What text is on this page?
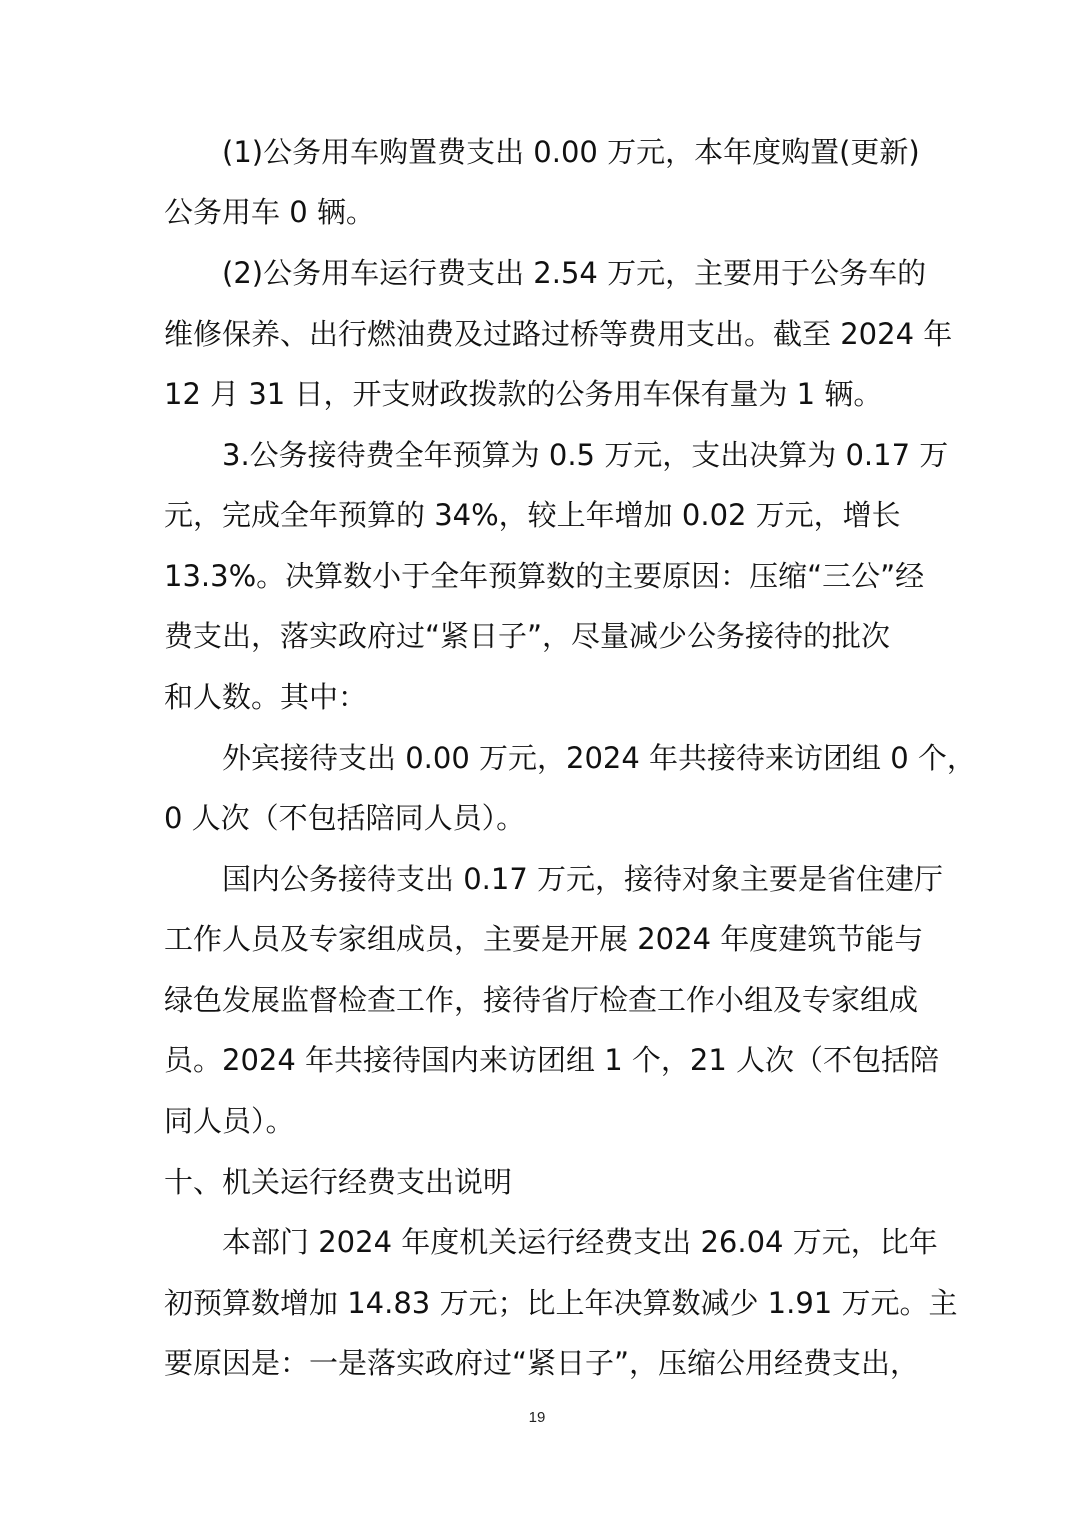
(1)公务用车购置费支出 0.00 万元，本年度购置(更新)
公务用车 0 辆。
(2)公务用车运行费支出 2.54 万元，主要用于公务车的
维修保养、出行燃油费及过路过桥等费用支出。截至 2024 年
12 月 31 日，开支财政拨款的公务用车保有量为 1 辆。
3.公务接待费全年预算为 0.5 万元，支出决算为 0.17 万
元，完成全年预算的 34%，较上年增加 0.02 万元，增长
13.3%。决算数小于全年预算数的主要原因：压缩“三公”经
费支出，落实政府过“紧日子”，尽量减少公务接待的批次
和人数。其中：
外宾接待支出 0.00 万元，2024 年共接待来访团组 0 个，
0 人次（不包括陪同人员）。
国内公务接待支出 0.17 万元，接待对象主要是省住建厅
工作人员及专家组成员，主要是开展 2024 年度建筑节能与
绿色发展监督检查工作，接待省厅检查工作小组及专家组成
员。2024 年共接待国内来访团组 1 个，21 人次（不包括陪
同人员）。
十、机关运行经费支出说明
本部门 2024 年度机关运行经费支出 26.04 万元，比年
初预算数增加 14.83 万元；比上年决算数减少 1.91 万元。主
要原因是：一是落实政府过“紧日子”，压缩公用经费支出，
19
